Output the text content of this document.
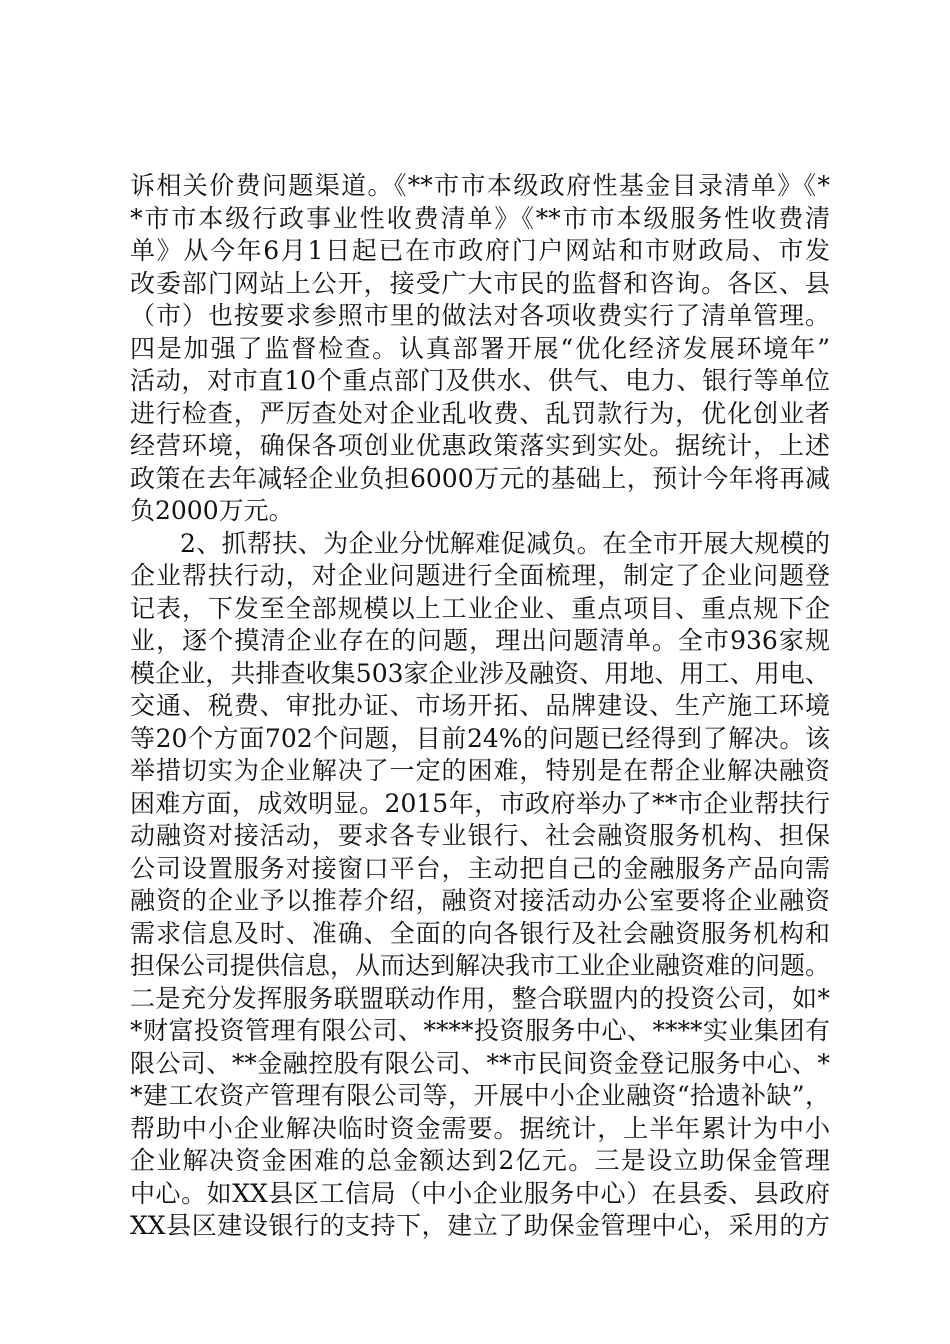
诉相关价费问题渠道。《**市市本级政府性基金目录清单》《*
*市市本级行政事业性收费清单》《**市市本级服务性收费清
单》从今年6月1日起已在市政府门户网站和市财政局、市发
改委部门网站上公开，接受广大市民的监督和咨询。各区、县
（市）也按要求参照市里的做法对各项收费实行了清单管理。
四是加强了监督检查。认真部署开展“优化经济发展环境年”
活动，对市直10个重点部门及供水、供气、电力、银行等单位
进行检查，严厉查处对企业乱收费、乱罚款行为，优化创业者
经营环境，确保各项创业优惠政策落实到实处。据统计，上述
政策在去年减轻企业负担6000万元的基础上，预计今年将再减
负2000万元。
2、抓帮扶、为企业分忧解难促减负。在全市开展大规模的
企业帮扶行动，对企业问题进行全面梳理，制定了企业问题登
记表，下发至全部规模以上工业企业、重点项目、重点规下企
业，逐个摸清企业存在的问题，理出问题清单。全市936家规
模企业，共排查收集503家企业涉及融资、用地、用工、用电、
交通、税费、审批办证、市场开拓、品牌建设、生产施工环境
等20个方面702个问题，目前24%的问题已经得到了解决。该
举措切实为企业解决了一定的困难，特别是在帮企业解决融资
困难方面，成效明显。2015年，市政府举办了**市企业帮扶行
动融资对接活动，要求各专业银行、社会融资服务机构、担保
公司设置服务对接窗口平台，主动把自己的金融服务产品向需
融资的企业予以推荐介绍，融资对接活动办公室要将企业融资
需求信息及时、准确、全面的向各银行及社会融资服务机构和
担保公司提供信息，从而达到解决我市工业企业融资难的问题。
二是充分发挥服务联盟联动作用，整合联盟内的投资公司，如*
*财富投资管理有限公司、****投资服务中心、****实业集团有
限公司、**金融控股有限公司、**市民间资金登记服务中心、*
*建工农资产管理有限公司等，开展中小企业融资“拾遗补缺”，
帮助中小企业解决临时资金需要。据统计，上半年累计为中小
企业解决资金困难的总金额达到2亿元。三是设立助保金管理
中心。如XX县区工信局（中小企业服务中心）在县委、县政府
XX县区建设银行的支持下，建立了助保金管理中心，采用的方
